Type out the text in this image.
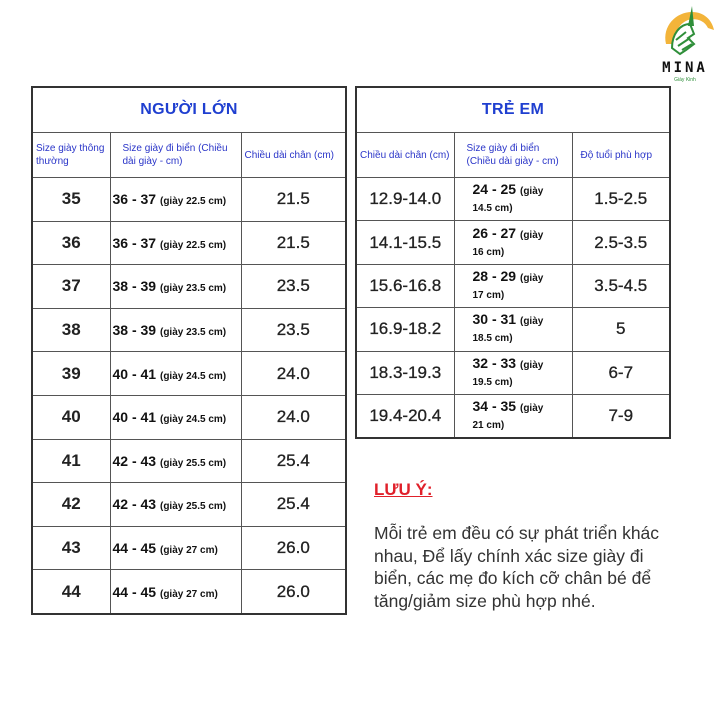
MINA
Giày Kinh
NGƯỜI LỚN		
Size giày thông thường	Size giày đi biển (Chiều dài giày - cm)	Chiều dài chân (cm)
35	36 - 37 (giày 22.5 cm)	21.5
36	36 - 37 (giày 22.5 cm)	21.5
37	38 - 39 (giày 23.5 cm)	23.5
38	38 - 39 (giày 23.5 cm)	23.5
39	40 - 41 (giày 24.5 cm)	24.0
40	40 - 41 (giày 24.5 cm)	24.0
41	42 - 43 (giày 25.5 cm)	25.4
42	42 - 43 (giày 25.5 cm)	25.4
43	44 - 45 (giày 27 cm)	26.0
44	44 - 45 (giày 27 cm)	26.0
TRẺ EM		
Chiều dài chân (cm)	Size giày đi biển (Chiều dài giày - cm)	Độ tuổi phù hợp
12.9-14.0	24 - 25 (giày
14.5 cm)	1.5-2.5
14.1-15.5	26 - 27 (giày
16 cm)	2.5-3.5
15.6-16.8	28 - 29 (giày
17 cm)	3.5-4.5
16.9-18.2	30 - 31 (giày
18.5 cm)	5
18.3-19.3	32 - 33 (giày
19.5 cm)	6-7
19.4-20.4	34 - 35 (giày
21 cm)	7-9
LƯU Ý:
Mỗi trẻ em đều có sự phát triển khác nhau, Để lấy chính xác size giày đi biển, các mẹ đo kích cỡ chân bé để tăng/giảm size phù hợp nhé.
